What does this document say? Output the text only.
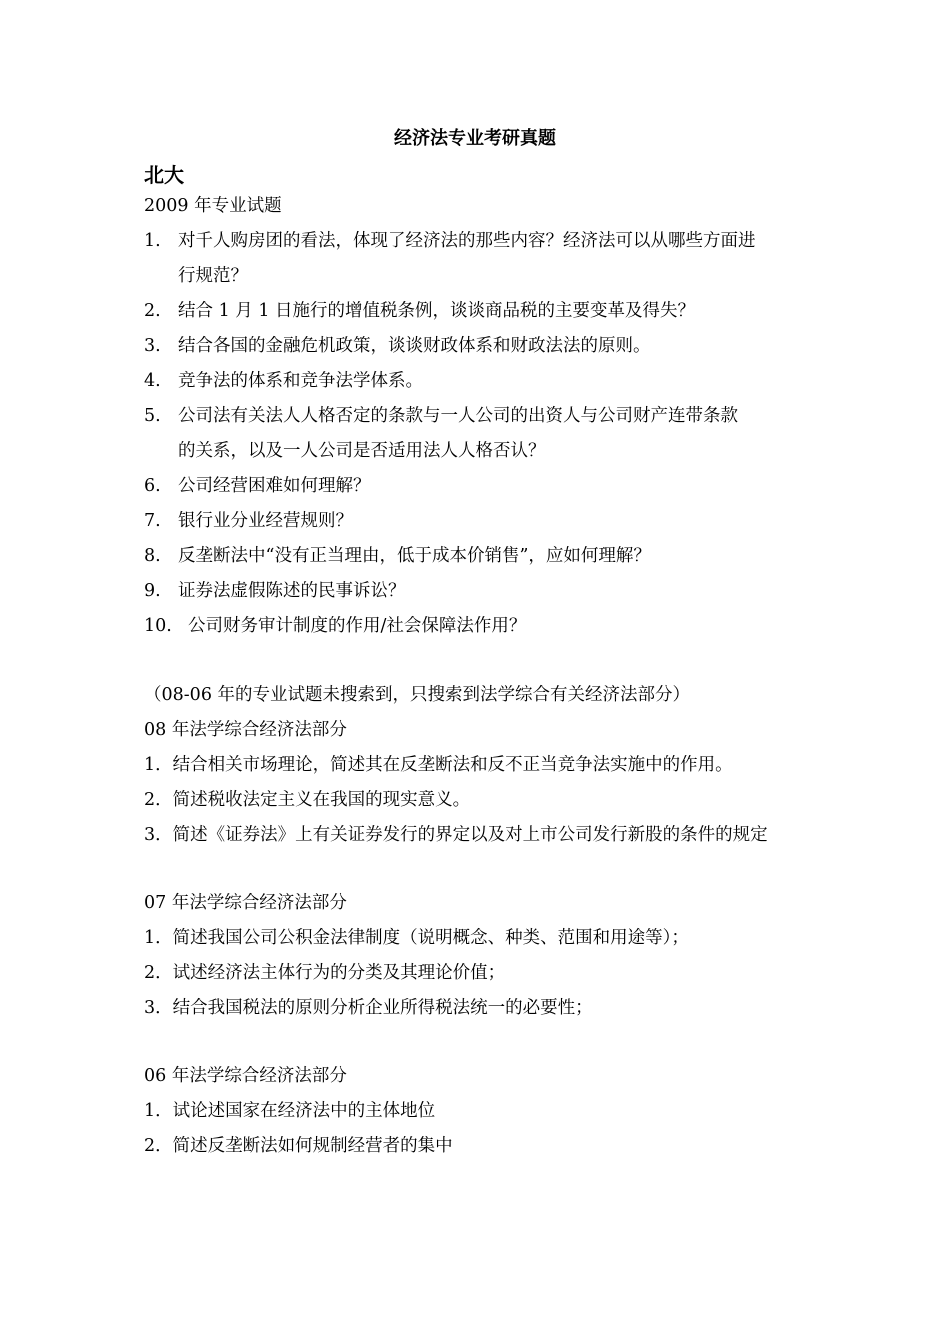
经济法专业考研真题
北大
2009 年专业试题
1. 对千人购房团的看法，体现了经济法的那些内容？经济法可以从哪些方面进
行规范？
2. 结合 1 月 1 日施行的增值税条例，谈谈商品税的主要变革及得失？
3. 结合各国的金融危机政策，谈谈财政体系和财政法法的原则。
4. 竞争法的体系和竞争法学体系。
5. 公司法有关法人人格否定的条款与一人公司的出资人与公司财产连带条款
的关系，以及一人公司是否适用法人人格否认？
6. 公司经营困难如何理解？
7. 银行业分业经营规则？
8. 反垄断法中“没有正当理由，低于成本价销售”，应如何理解？
9. 证券法虚假陈述的民事诉讼？
10. 公司财务审计制度的作用/社会保障法作用？
（08-06 年的专业试题未搜索到，只搜索到法学综合有关经济法部分）
08 年法学综合经济法部分
1．结合相关市场理论，简述其在反垄断法和反不正当竞争法实施中的作用。
2．简述税收法定主义在我国的现实意义。
3．简述《证券法》上有关证券发行的界定以及对上市公司发行新股的条件的规定
07 年法学综合经济法部分
1．简述我国公司公积金法律制度（说明概念、种类、范围和用途等）；
2．试述经济法主体行为的分类及其理论价值；
3．结合我国税法的原则分析企业所得税法统一的必要性；
06 年法学综合经济法部分
1．试论述国家在经济法中的主体地位
2．简述反垄断法如何规制经营者的集中
